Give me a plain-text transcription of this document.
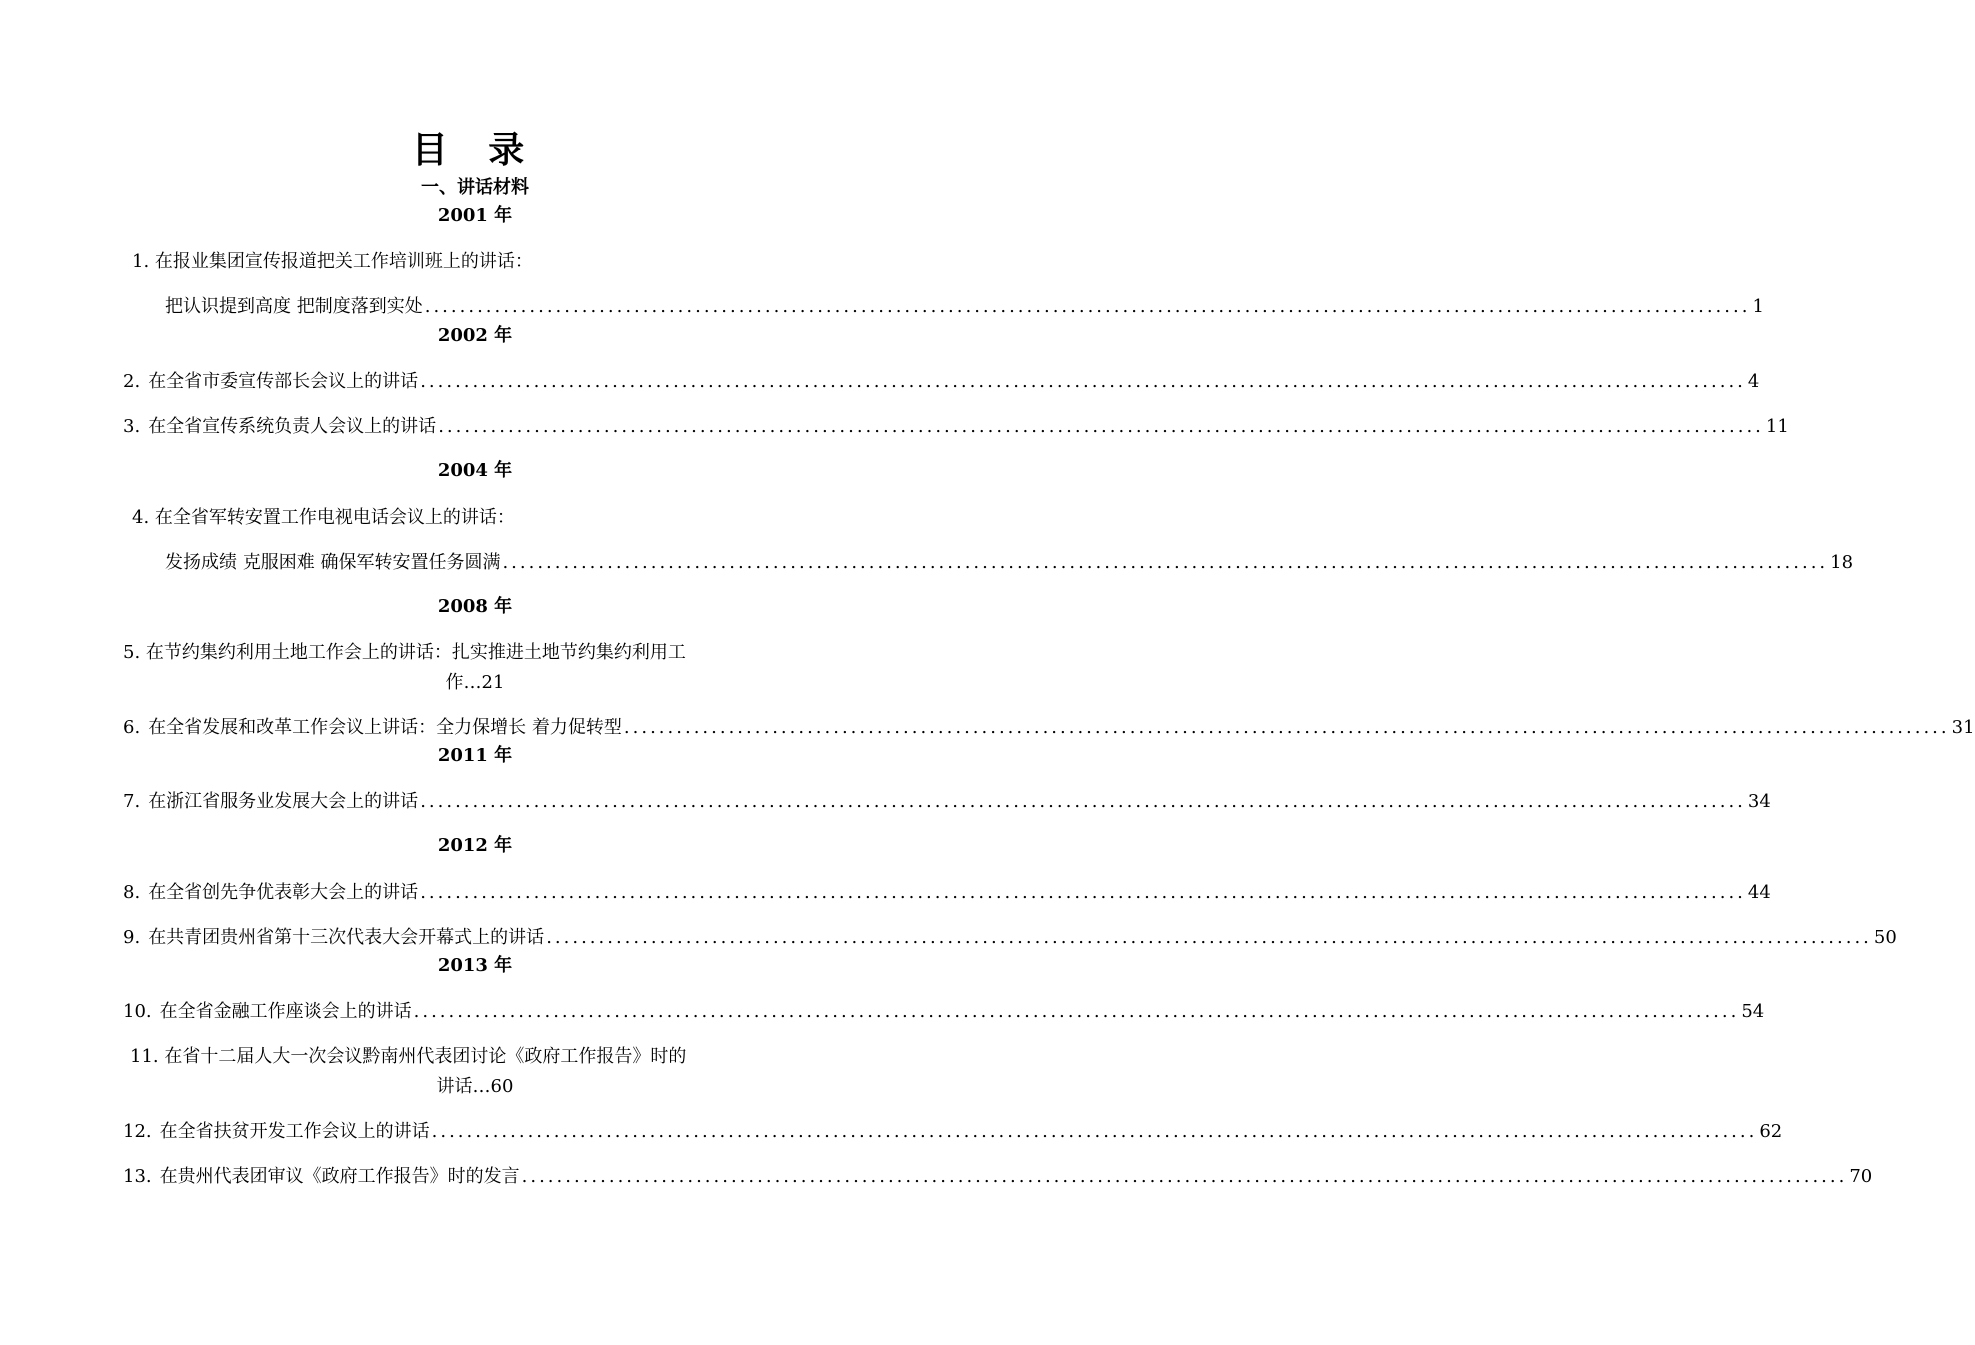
目 录
一、讲话材料
2001 年
1. 在报业集团宣传报道把关工作培训班上的讲话：
把认识提到高度 把制度落到实处 ........................................................................................................................................................ 1
2002 年
2. 在全省市委宣传部长会议上的讲话 ........................................................................................................................................................ 4
3. 在全省宣传系统负责人会议上的讲话 ........................................................................................................................................................ 11
2004 年
4. 在全省军转安置工作电视电话会议上的讲话：
发扬成绩 克服困难 确保军转安置任务圆满 ........................................................................................................................................................ 18
2008 年
5. 在节约集约利用土地工作会上的讲话：扎实推进土地节约集约利用工
作…21
6. 在全省发展和改革工作会议上讲话：全力保增长 着力促转型 ........................................................................................................................................................ 31
2011 年
7. 在浙江省服务业发展大会上的讲话 ........................................................................................................................................................ 34
2012 年
8. 在全省创先争优表彰大会上的讲话 ........................................................................................................................................................ 44
9. 在共青团贵州省第十三次代表大会开幕式上的讲话 ........................................................................................................................................................ 50
2013 年
10. 在全省金融工作座谈会上的讲话 ........................................................................................................................................................ 54
11. 在省十二届人大一次会议黔南州代表团讨论《政府工作报告》时的
讲话…60
12. 在全省扶贫开发工作会议上的讲话 ........................................................................................................................................................ 62
13. 在贵州代表团审议《政府工作报告》时的发言 ........................................................................................................................................................ 70
